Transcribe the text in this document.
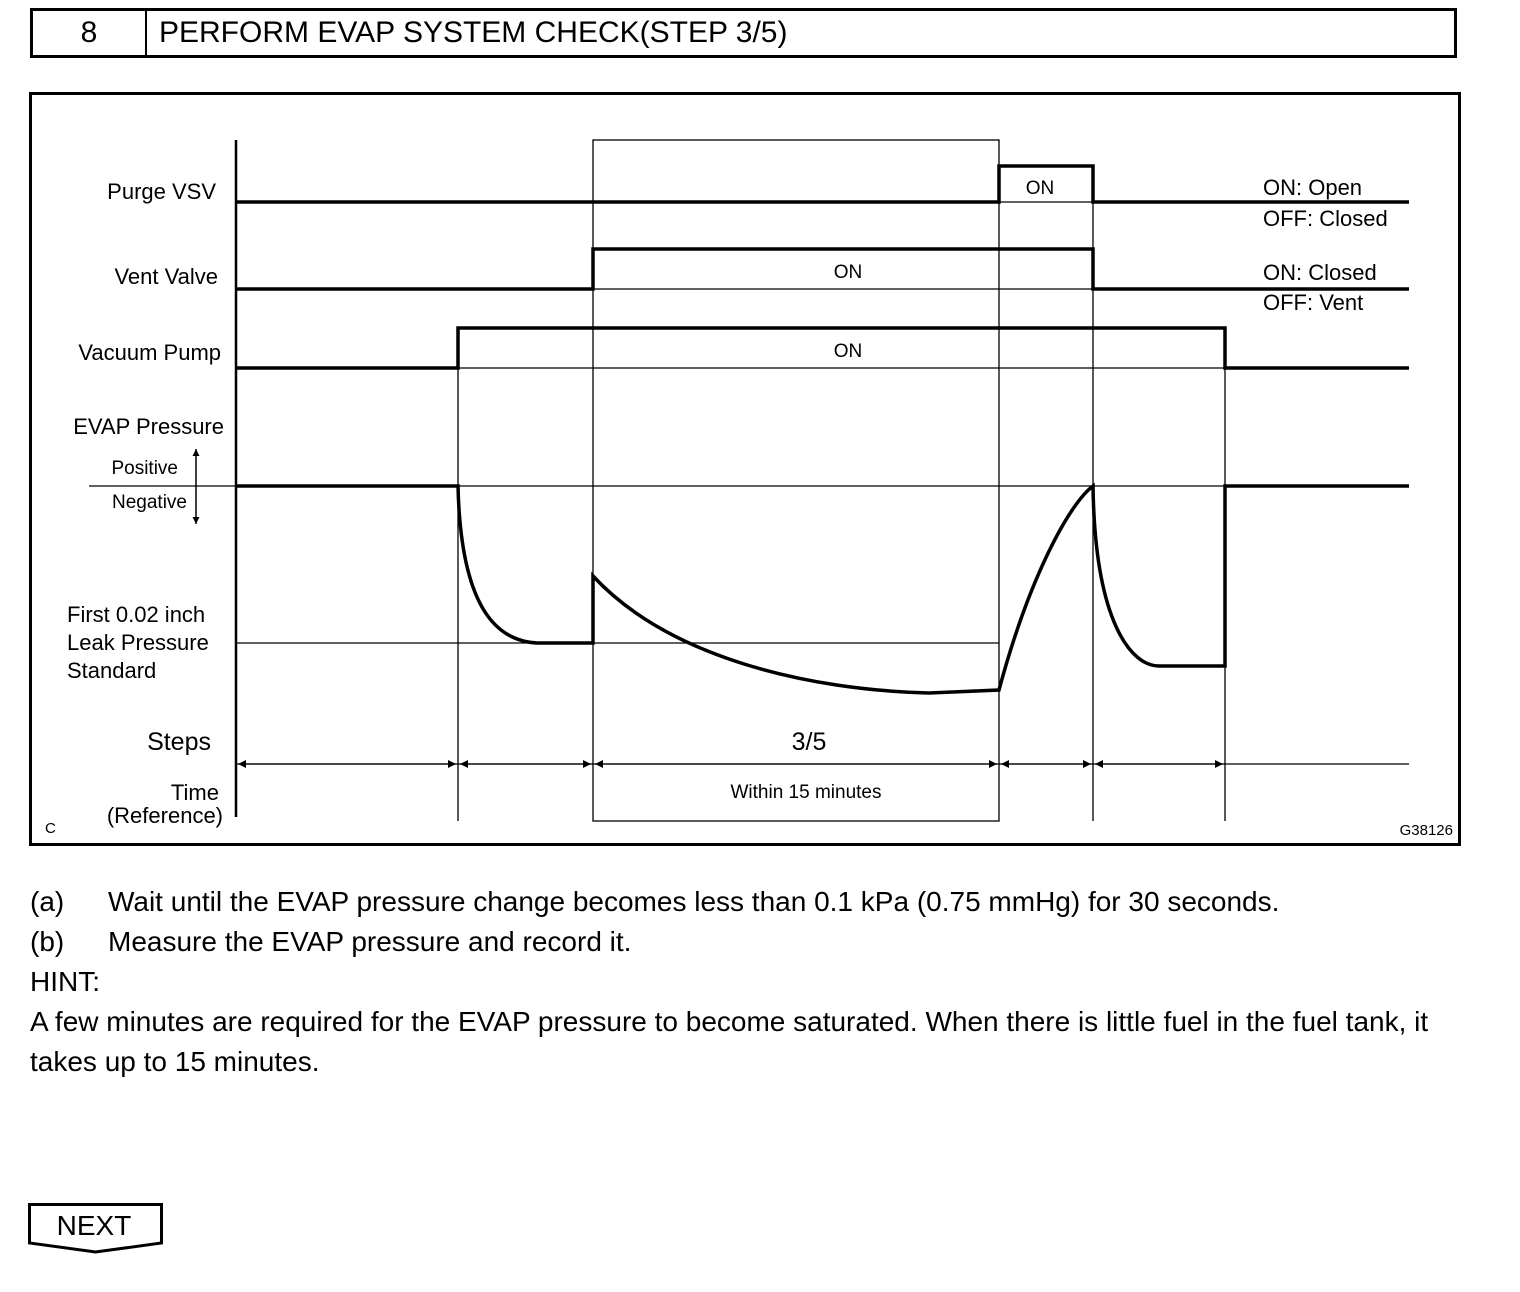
8	PERFORM EVAP SYSTEM CHECK(STEP 3/5)
Purge VSV
Vent Valve
Vacuum Pump
EVAP Pressure
First 0.02 inch
Leak Pressure
Standard
Time
(Reference)
ON: Open
OFF: Closed
ON: Closed
OFF: Vent
Positive
Negative
ON
ON
ON
Within 15 minutes
Steps	3/5
C	G38126
(a)	Wait until the EVAP pressure change becomes less than 0.1 kPa (0.75 mmHg) for 30 seconds.
(b)	Measure the EVAP pressure and record it.
HINT:
A few minutes are required for the EVAP pressure to become saturated. When there is little fuel in the fuel tank, it takes up to 15 minutes.
NEXT
